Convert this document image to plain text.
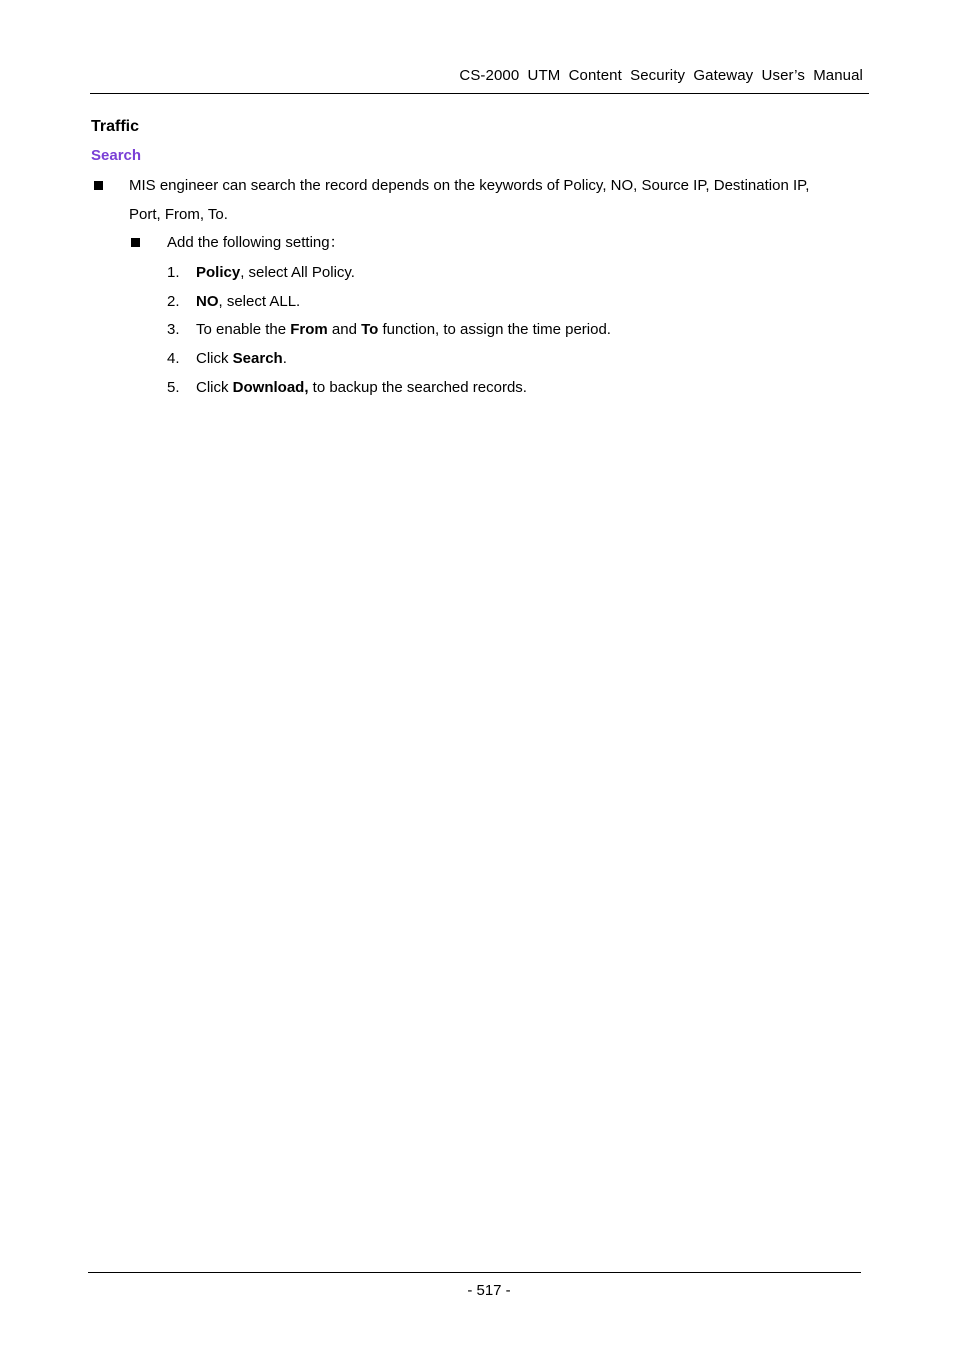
CS-2000 UTM Content Security Gateway User’s Manual
Traffic
Search
MIS engineer can search the record depends on the keywords of Policy, NO, Source IP, Destination IP,
Port, From, To.
Add the following setting：
1. Policy, select All Policy.
2. NO, select ALL.
3. To enable the From and To function, to assign the time period.
4. Click Search.
5. Click Download, to backup the searched records.
- 517 -
